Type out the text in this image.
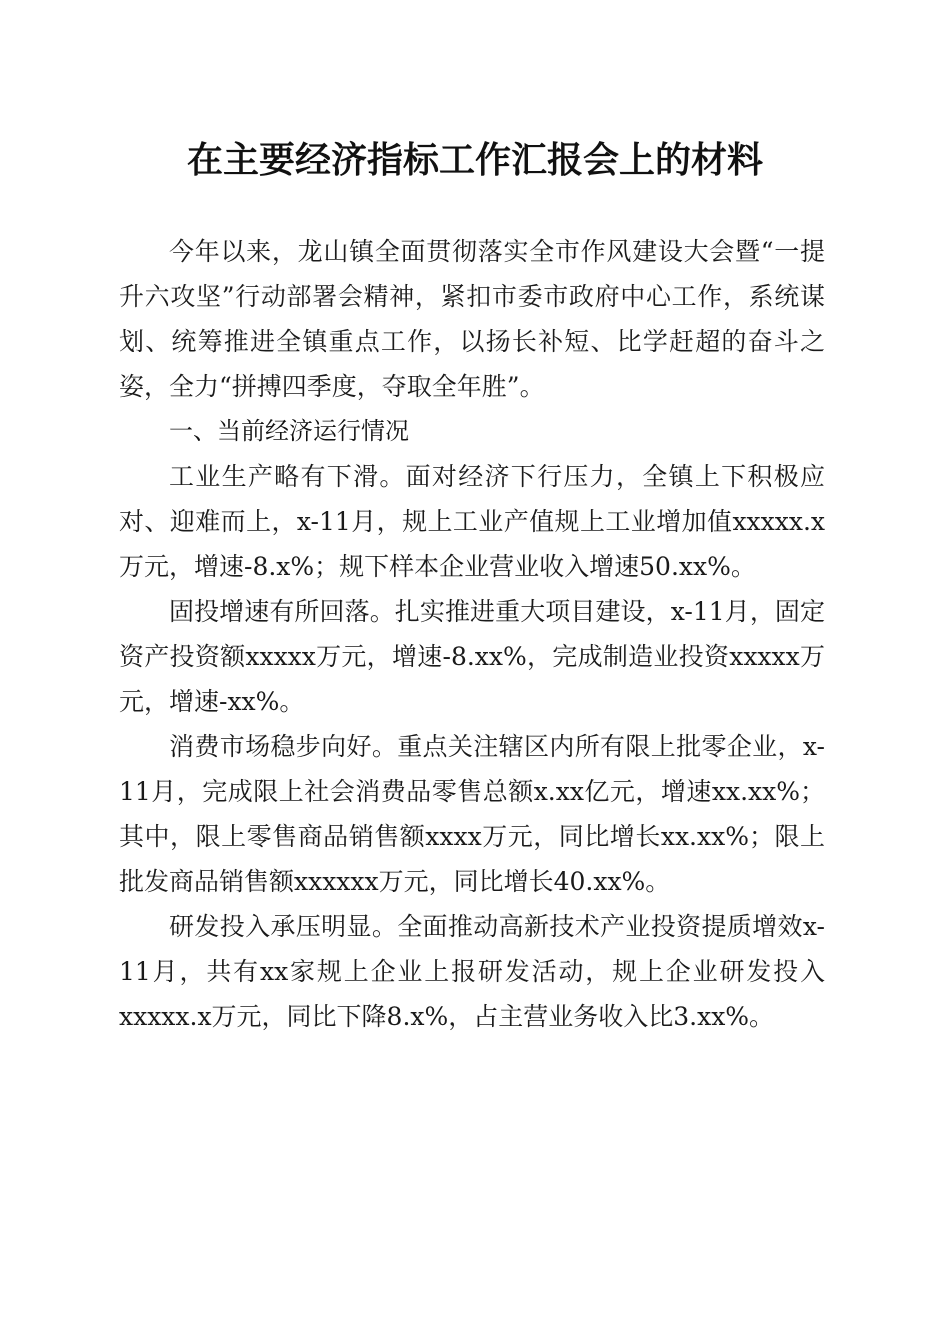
在主要经济指标工作汇报会上的材料

今年以来，龙山镇全面贯彻落实全市作风建设大会暨“一提升六攻坚”行动部署会精神，紧扣市委市政府中心工作，系统谋划、统筹推进全镇重点工作，以扬长补短、比学赶超的奋斗之姿，全力“拼搏四季度，夺取全年胜”。

一、当前经济运行情况

工业生产略有下滑。面对经济下行压力，全镇上下积极应对、迎难而上，x-11月，规上工业产值规上工业增加值xxxxx.x万元，增速-8.x%；规下样本企业营业收入增速50.xx%。

固投增速有所回落。扎实推进重大项目建设，x-11月，固定资产投资额xxxxx万元，增速-8.xx%，完成制造业投资xxxxx万元，增速-xx%。

消费市场稳步向好。重点关注辖区内所有限上批零企业，x-11月，完成限上社会消费品零售总额x.xx亿元，增速xx.xx%；其中，限上零售商品销售额xxxx万元，同比增长xx.xx%；限上批发商品销售额xxxxxx万元，同比增长40.xx%。

研发投入承压明显。全面推动高新技术产业投资提质增效x-11月，共有xx家规上企业上报研发活动，规上企业研发投入xxxxx.x万元，同比下降8.x%，占主营业务收入比3.xx%。
